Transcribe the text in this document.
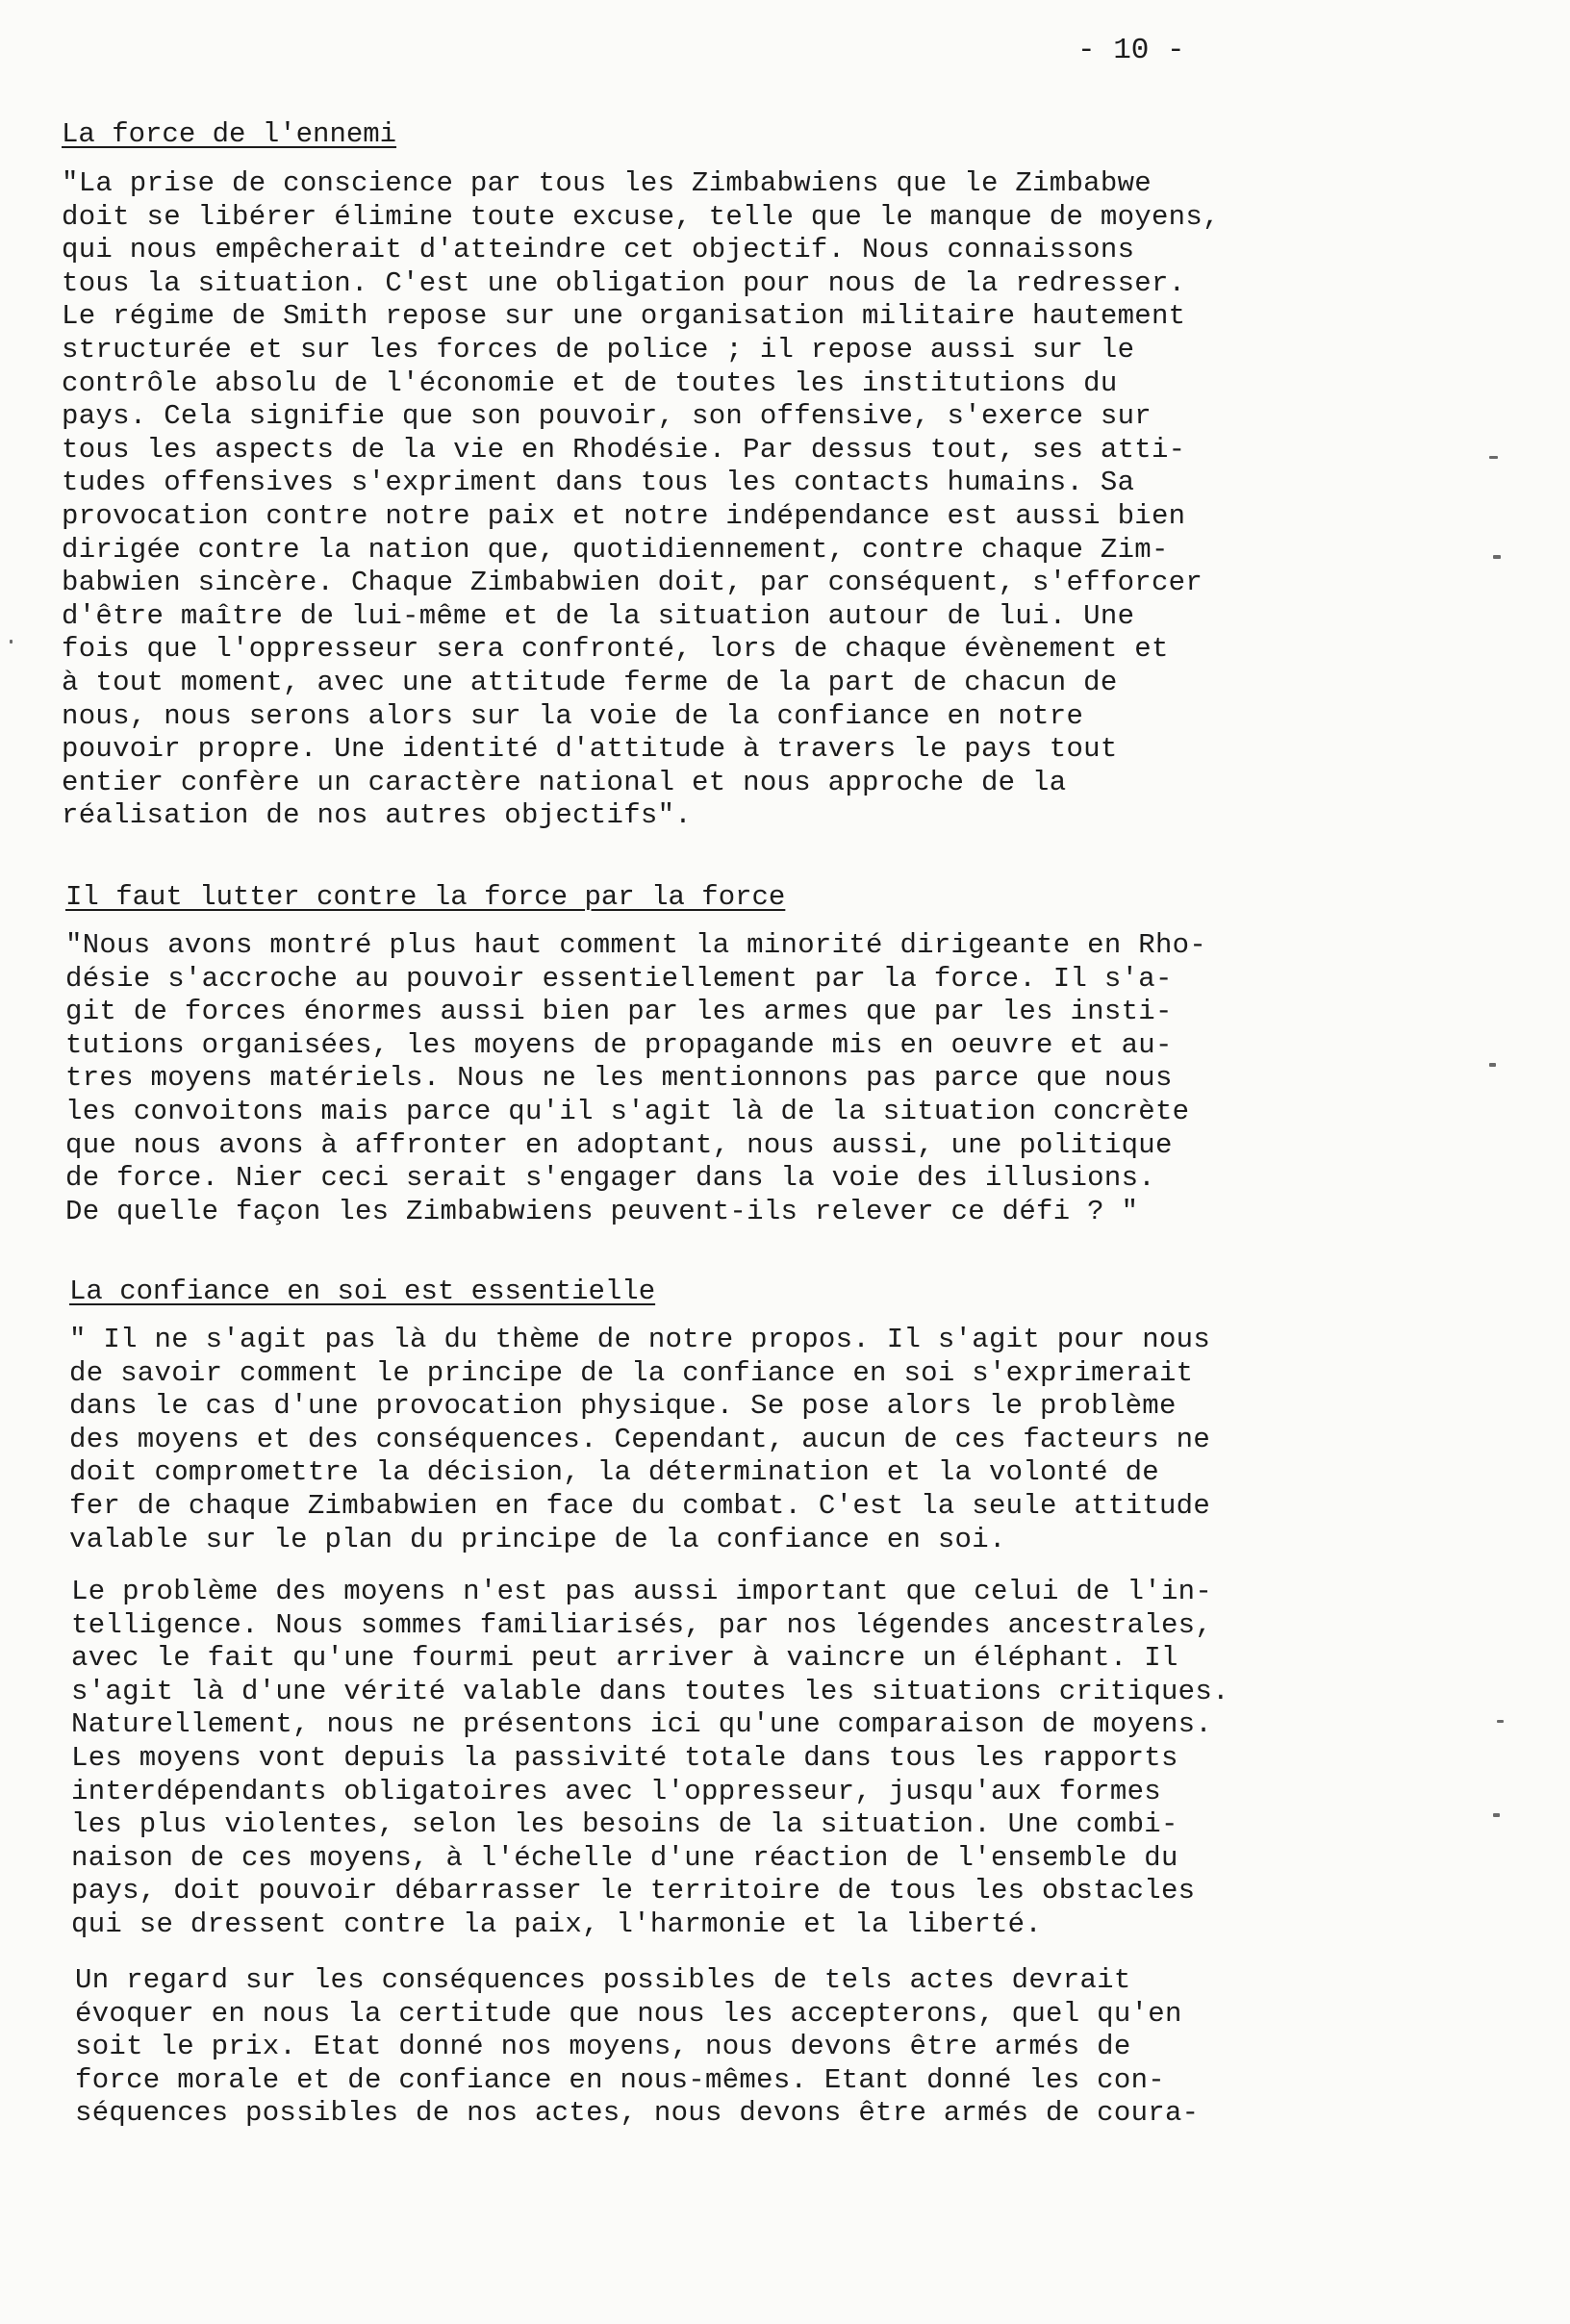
- 10 -
La force de l'ennemi
"La prise de conscience par tous les Zimbabwiens que le Zimbabwe
doit se libérer élimine toute excuse, telle que le manque de moyens,
qui nous empêcherait d'atteindre cet objectif. Nous connaissons
tous la situation. C'est une obligation pour nous de la redresser.
Le régime de Smith repose sur une organisation militaire hautement
structurée et sur les forces de police ; il repose aussi sur le
contrôle absolu de l'économie et de toutes les institutions du
pays. Cela signifie que son pouvoir, son offensive, s'exerce sur
tous les aspects de la vie en Rhodésie. Par dessus tout, ses atti-
tudes offensives s'expriment dans tous les contacts humains. Sa
provocation contre notre paix et notre indépendance est aussi bien
dirigée contre la nation que, quotidiennement, contre chaque Zim-
babwien sincère. Chaque Zimbabwien doit, par conséquent, s'efforcer
d'être maître de lui-même et de la situation autour de lui. Une
fois que l'oppresseur sera confronté, lors de chaque évènement et
à tout moment, avec une attitude ferme de la part de chacun de
nous, nous serons alors sur la voie de la confiance en notre
pouvoir propre. Une identité d'attitude à travers le pays tout
entier confère un caractère national et nous approche de la
réalisation de nos autres objectifs".
Il faut lutter contre la force par la force
"Nous avons montré plus haut comment la minorité dirigeante en Rho-
désie s'accroche au pouvoir essentiellement par la force. Il s'a-
git de forces énormes aussi bien par les armes que par les insti-
tutions organisées, les moyens de propagande mis en oeuvre et au-
tres moyens matériels. Nous ne les mentionnons pas parce que nous
les convoitons mais parce qu'il s'agit là de la situation concrète
que nous avons à affronter en adoptant, nous aussi, une politique
de force. Nier ceci serait s'engager dans la voie des illusions.
De quelle façon les Zimbabwiens peuvent-ils relever ce défi ? "
La confiance en soi est essentielle
" Il ne s'agit pas là du thème de notre propos. Il s'agit pour nous
de savoir comment le principe de la confiance en soi s'exprimerait
dans le cas d'une provocation physique. Se pose alors le problème
des moyens et des conséquences. Cependant, aucun de ces facteurs ne
doit compromettre la décision, la détermination et la volonté de
fer de chaque Zimbabwien en face du combat. C'est la seule attitude
valable sur le plan du principe de la confiance en soi.
Le problème des moyens n'est pas aussi important que celui de l'in-
telligence. Nous sommes familiarisés, par nos légendes ancestrales,
avec le fait qu'une fourmi peut arriver à vaincre un éléphant. Il
s'agit là d'une vérité valable dans toutes les situations critiques.
Naturellement, nous ne présentons ici qu'une comparaison de moyens.
Les moyens vont depuis la passivité totale dans tous les rapports
interdépendants obligatoires avec l'oppresseur, jusqu'aux formes
les plus violentes, selon les besoins de la situation. Une combi-
naison de ces moyens, à l'échelle d'une réaction de l'ensemble du
pays, doit pouvoir débarrasser le territoire de tous les obstacles
qui se dressent contre la paix, l'harmonie et la liberté.
Un regard sur les conséquences possibles de tels actes devrait
évoquer en nous la certitude que nous les accepterons, quel qu'en
soit le prix. Etat donné nos moyens, nous devons être armés de
force morale et de confiance en nous-mêmes. Etant donné les con-
séquences possibles de nos actes, nous devons être armés de coura-
